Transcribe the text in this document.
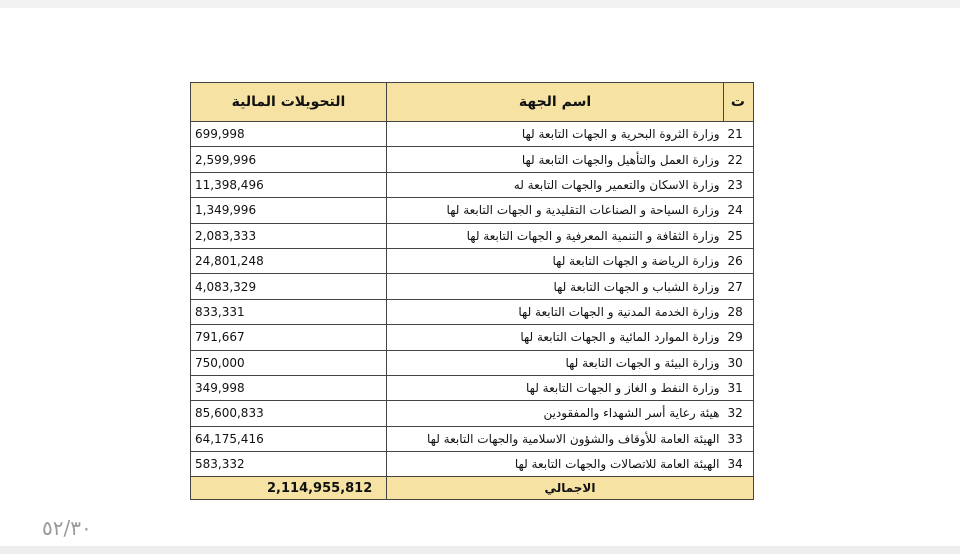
ت	اسم الجهة	التحويلات المالية
21	وزارة الثروة البحرية و الجهات التابعة لها	699,998
22	وزارة العمل والتأهيل والجهات التابعة لها	2,599,996
23	وزارة الاسكان والتعمير والجهات التابعة له	11,398,496
24	وزارة السياحة و الصناعات التقليدية و الجهات التابعة لها	1,349,996
25	وزارة الثقافة و التنمية المعرفية و الجهات التابعة لها	2,083,333
26	وزارة الرياضة و الجهات التابعة لها	24,801,248
27	وزارة الشباب و الجهات التابعة لها	4,083,329
28	وزارة الخدمة المدنية و الجهات التابعة لها	833,331
29	وزارة الموارد المائية و الجهات التابعة لها	791,667
30	وزارة البيئة و الجهات التابعة لها	750,000
31	وزارة النفط و الغاز و الجهات التابعة لها	349,998
32	هيئة رعاية أسر الشهداء والمفقودين	85,600,833
33	الهيئة العامة للأوقاف والشؤون الاسلامية والجهات التابعة لها	64,175,416
34	الهيئة العامة للاتصالات والجهات التابعة لها	583,332
الاجمالي		2,114,955,812
٥٢/٣٠
